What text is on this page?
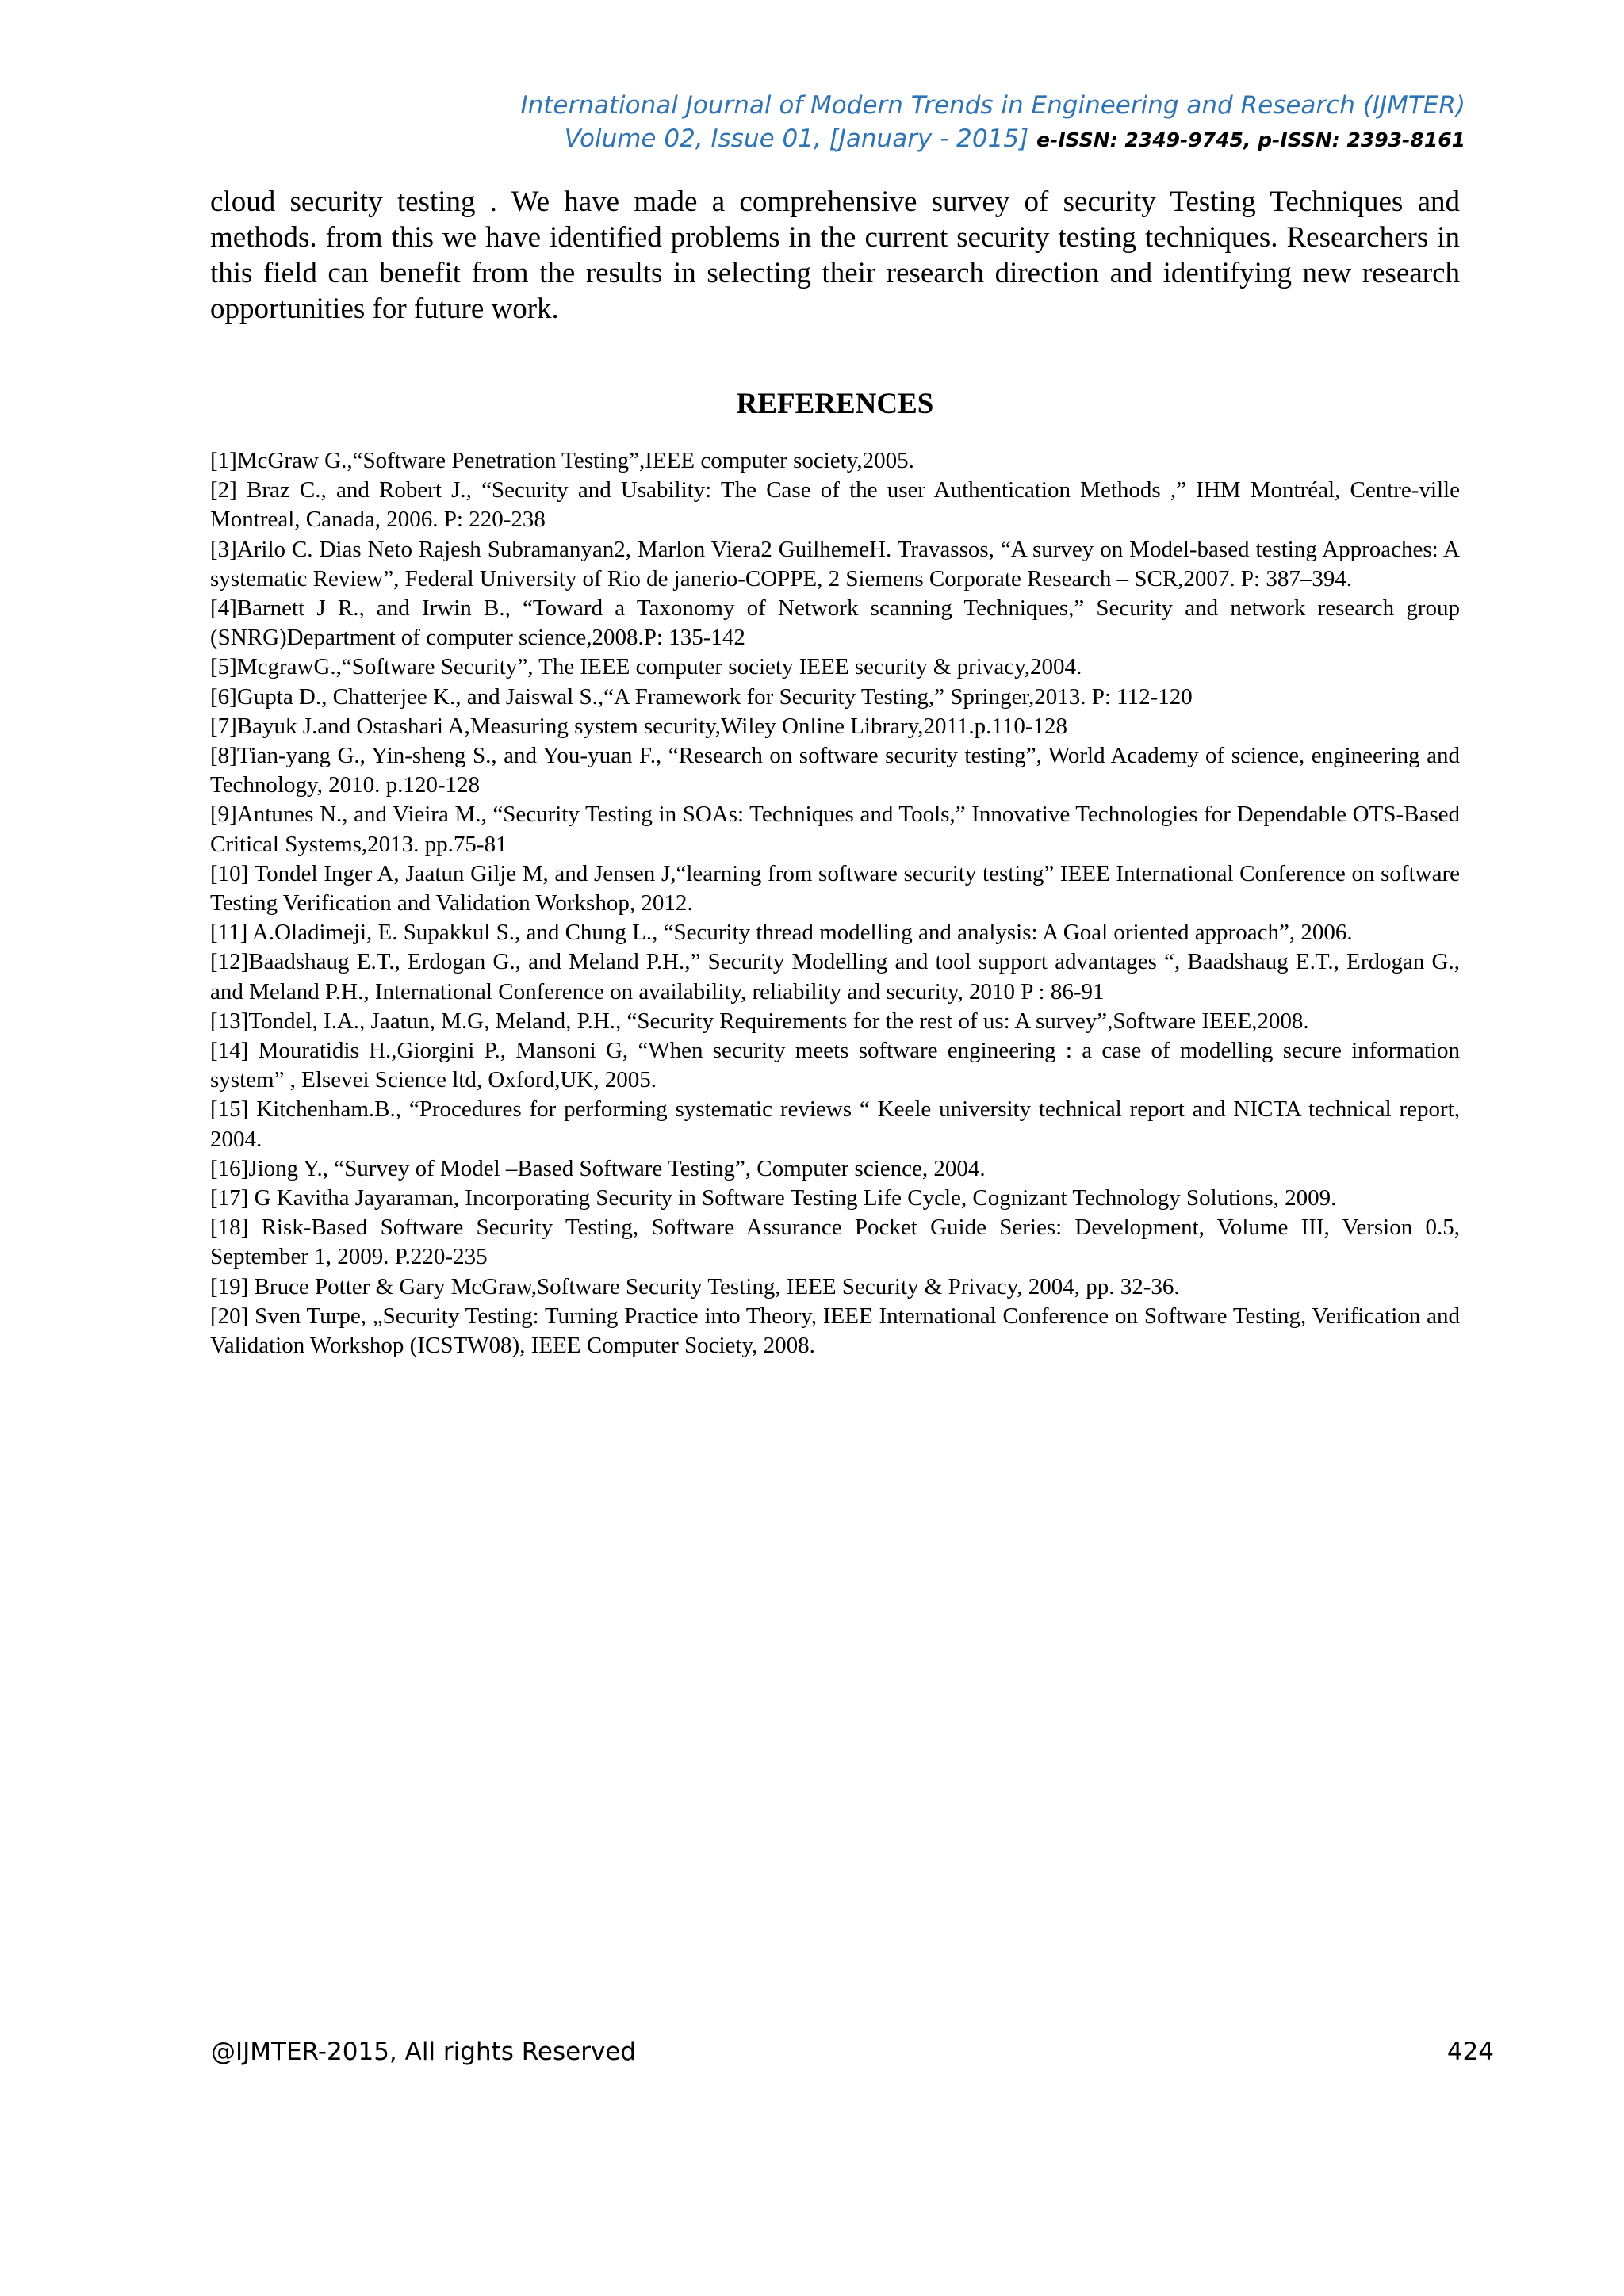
International Journal of Modern Trends in Engineering and Research (IJMTER)
Volume 02, Issue 01, [January - 2015] e-ISSN: 2349-9745, p-ISSN: 2393-8161

cloud security testing . We have made a comprehensive survey of security Testing Techniques and methods. from this we have identified problems in the current security testing techniques. Researchers in this field can benefit from the results in selecting their research direction and identifying new research opportunities for future work.

REFERENCES
[1]McGraw G.,“Software Penetration Testing”,IEEE computer society,2005.
[2] Braz C., and Robert J., “Security and Usability: The Case of the user Authentication Methods ,” IHM Montréal, Centre-ville Montreal, Canada, 2006. P: 220-238
[3]Arilo C. Dias Neto Rajesh Subramanyan2, Marlon Viera2 GuilhemeH. Travassos, “A survey on Model-based testing Approaches: A systematic Review”, Federal University of Rio de janerio-COPPE, 2 Siemens Corporate Research – SCR,2007. P: 387–394.
[4]Barnett J R., and Irwin B., “Toward a Taxonomy of Network scanning Techniques,” Security and network research group (SNRG)Department of computer science,2008.P: 135-142
[5]McgrawG.,“Software Security”, The IEEE computer society IEEE security & privacy,2004.
[6]Gupta D., Chatterjee K., and Jaiswal S.,“A Framework for Security Testing,” Springer,2013. P: 112-120
[7]Bayuk J.and Ostashari A,Measuring system security,Wiley Online Library,2011.p.110-128
[8]Tian-yang G., Yin-sheng S., and You-yuan F., “Research on software security testing”, World Academy of science, engineering and Technology, 2010. p.120-128
[9]Antunes N., and Vieira M., “Security Testing in SOAs: Techniques and Tools,” Innovative Technologies for Dependable OTS-Based Critical Systems,2013. pp.75-81
[10] Tondel Inger A, Jaatun Gilje M, and Jensen J,“learning from software security testing” IEEE International Conference on software Testing Verification and Validation Workshop, 2012.
[11] A.Oladimeji, E. Supakkul S., and Chung L., “Security thread modelling and analysis: A Goal oriented approach”, 2006.
[12]Baadshaug E.T., Erdogan G., and Meland P.H.,” Security Modelling and tool support advantages “, Baadshaug E.T., Erdogan G., and Meland P.H., International Conference on availability, reliability and security, 2010 P : 86-91
[13]Tondel, I.A., Jaatun, M.G, Meland, P.H., “Security Requirements for the rest of us: A survey”,Software IEEE,2008.
[14] Mouratidis H.,Giorgini P., Mansoni G, “When security meets software engineering : a case of modelling secure information system” , Elsevei Science ltd, Oxford,UK, 2005.
[15] Kitchenham.B., “Procedures for performing systematic reviews “ Keele university technical report and NICTA technical report, 2004.
[16]Jiong Y., “Survey of Model –Based Software Testing”, Computer science, 2004.
[17] G Kavitha Jayaraman, Incorporating Security in Software Testing Life Cycle, Cognizant Technology Solutions, 2009.
[18] Risk-Based Software Security Testing, Software Assurance Pocket Guide Series: Development, Volume III, Version 0.5, September 1, 2009. P.220-235
[19] Bruce Potter & Gary McGraw,Software Security Testing, IEEE Security & Privacy, 2004, pp. 32-36.
[20] Sven Turpe, „Security Testing: Turning Practice into Theory, IEEE International Conference on Software Testing, Verification and Validation Workshop (ICSTW08), IEEE Computer Society, 2008.
@IJMTER-2015, All rights Reserved	424
